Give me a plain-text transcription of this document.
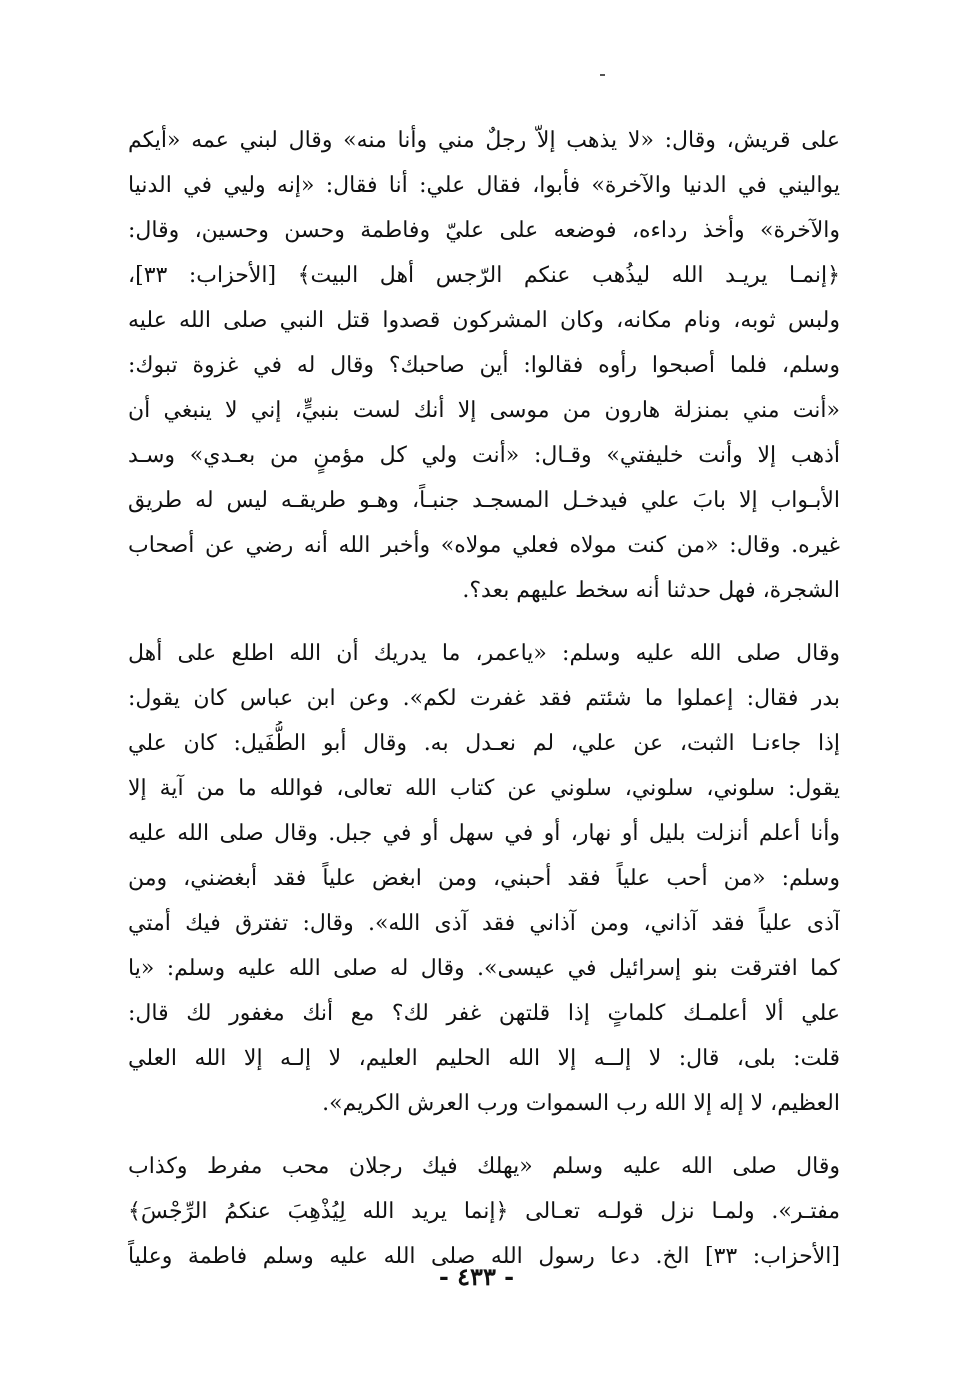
على قريش، وقال: «لا يذهب إلاّ رجلٌ مني وأنا منه» وقال لبني عمه «أيكم
يواليني في الدنيا والآخرة» فأبوا، فقال علي: أنا فقال: «إنه وليي في الدنيا
والآخرة» وأخذ رداءه، فوضعه على عليّ وفاطمة وحسن وحسين، وقال:
﴿إنمـا يريـد الله ليذُهب عنكم الرّجس أهل البيت﴾ [الأحزاب: ٣٣]،
ولبس ثوبه، ونام مكانه، وكان المشركون قصدوا قتل النبي صلى الله عليه
وسلم، فلما أصبحوا رأوه فقالوا: أين صاحبك؟ وقال له في غزوة تبوك:
«أنت مني بمنزلة هارون من موسى إلا أنك لست بنبيٍّ، إني لا ينبغي أن
أذهب إلا وأنت خليفتي» وقـال: «أنت ولي كل مؤمنٍ من بعـدي» وسـد
الأبـواب إلا بابَ علي فيدخـل المسجـد جنبـاً، وهـو طريقـه ليس له طريق
غيره. وقال: «من كنت مولاه فعلي مولاه» وأخبر الله أنه رضي عن أصحاب
الشجرة، فهل حدثنا أنه سخط عليهم بعد؟.
وقال صلى الله عليه وسلم: «ياعمر، ما يدريك أن الله اطلع على أهل
بدر فقال: إعملوا ما شئتم فقد غفرت لكم». وعن ابن عباس كان يقول:
إذا جاءنـا الثبت، عن علي، لم نعـدل به. وقال أبو الطُّفَيل: كان علي
يقول: سلوني، سلوني، سلوني عن كتاب الله تعالى، فوالله ما من آية إلا
وأنا أعلم أنزلت بليل أو نهار، أو في سهل أو في جبل. وقال صلى الله عليه
وسلم: «من أحب علياً فقد أحبني، ومن ابغض علياً فقد أبغضني، ومن
آذى علياً فقد آذاني، ومن آذاني فقد آذى الله». وقال: تفترق فيك أمتي
كما افترقت بنو إسرائيل في عيسى». وقال له صلى الله عليه وسلم: «يا
علي ألا أعلمـك كلماتٍ إذا قلتهن غفر لك؟ مع أنك مغفور لك قال:
قلت: بلى، قال: لا إلــه إلا الله الحليم العليم، لا إلـه إلا الله العلي
العظيم، لا إله إلا الله رب السموات ورب العرش الكريم».
وقال صلى الله عليه وسلم «يهلك فيك رجلان محب مفرط وكذاب
مفتـر». ولمـا نزل قولـه تعـالى ﴿إنما يريد الله لِيُذْهِبَ عنكمُ الرِّجْسَ﴾
[الأحزاب: ٣٣] الخ. دعا رسول الله صلى الله عليه وسلم فاطمة وعلياً
- ٤٣٣ -
